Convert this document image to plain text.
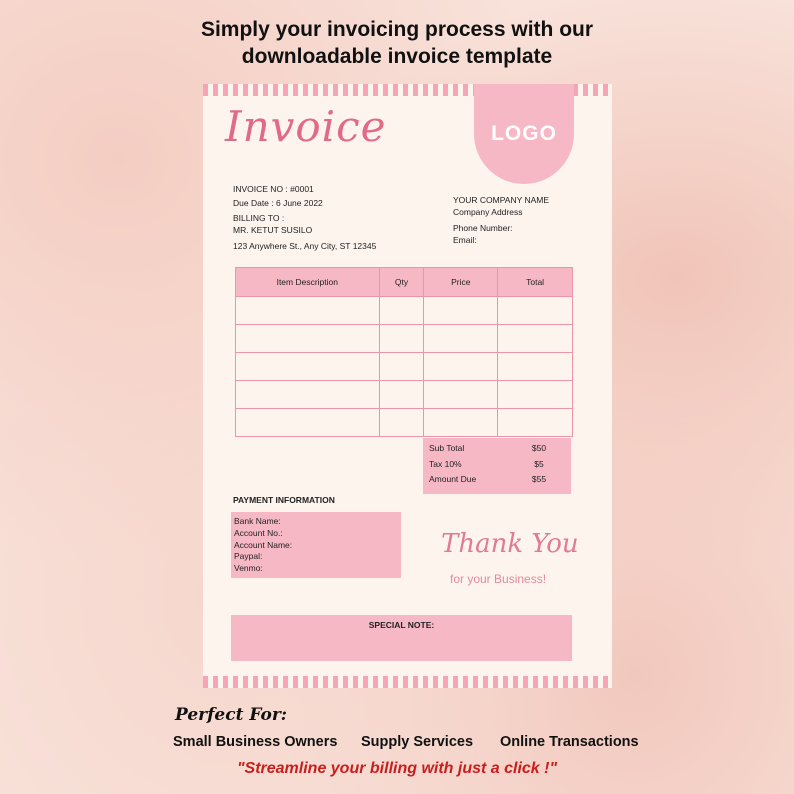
Simply your invoicing process with our
downloadable invoice template
LOGO
Invoice
INVOICE NO : #0001
Due Date : 6 June 2022
BILLING TO :
MR. KETUT SUSILO
123 Anywhere St., Any City, ST 12345
YOUR COMPANY NAME
Company Address
Phone Number:
Email:
Item Description	Qty	Price	Total

Sub Total	$50
Tax 10%	$5
Amount Due	$55
PAYMENT INFORMATION
Bank Name:
Account No.:
Account Name:
Paypal:
Venmo:
Thank You
for your Business!
SPECIAL NOTE:
Perfect For:
Small Business Owners Supply Services Online Transactions
"Streamline your billing with just a click !"
